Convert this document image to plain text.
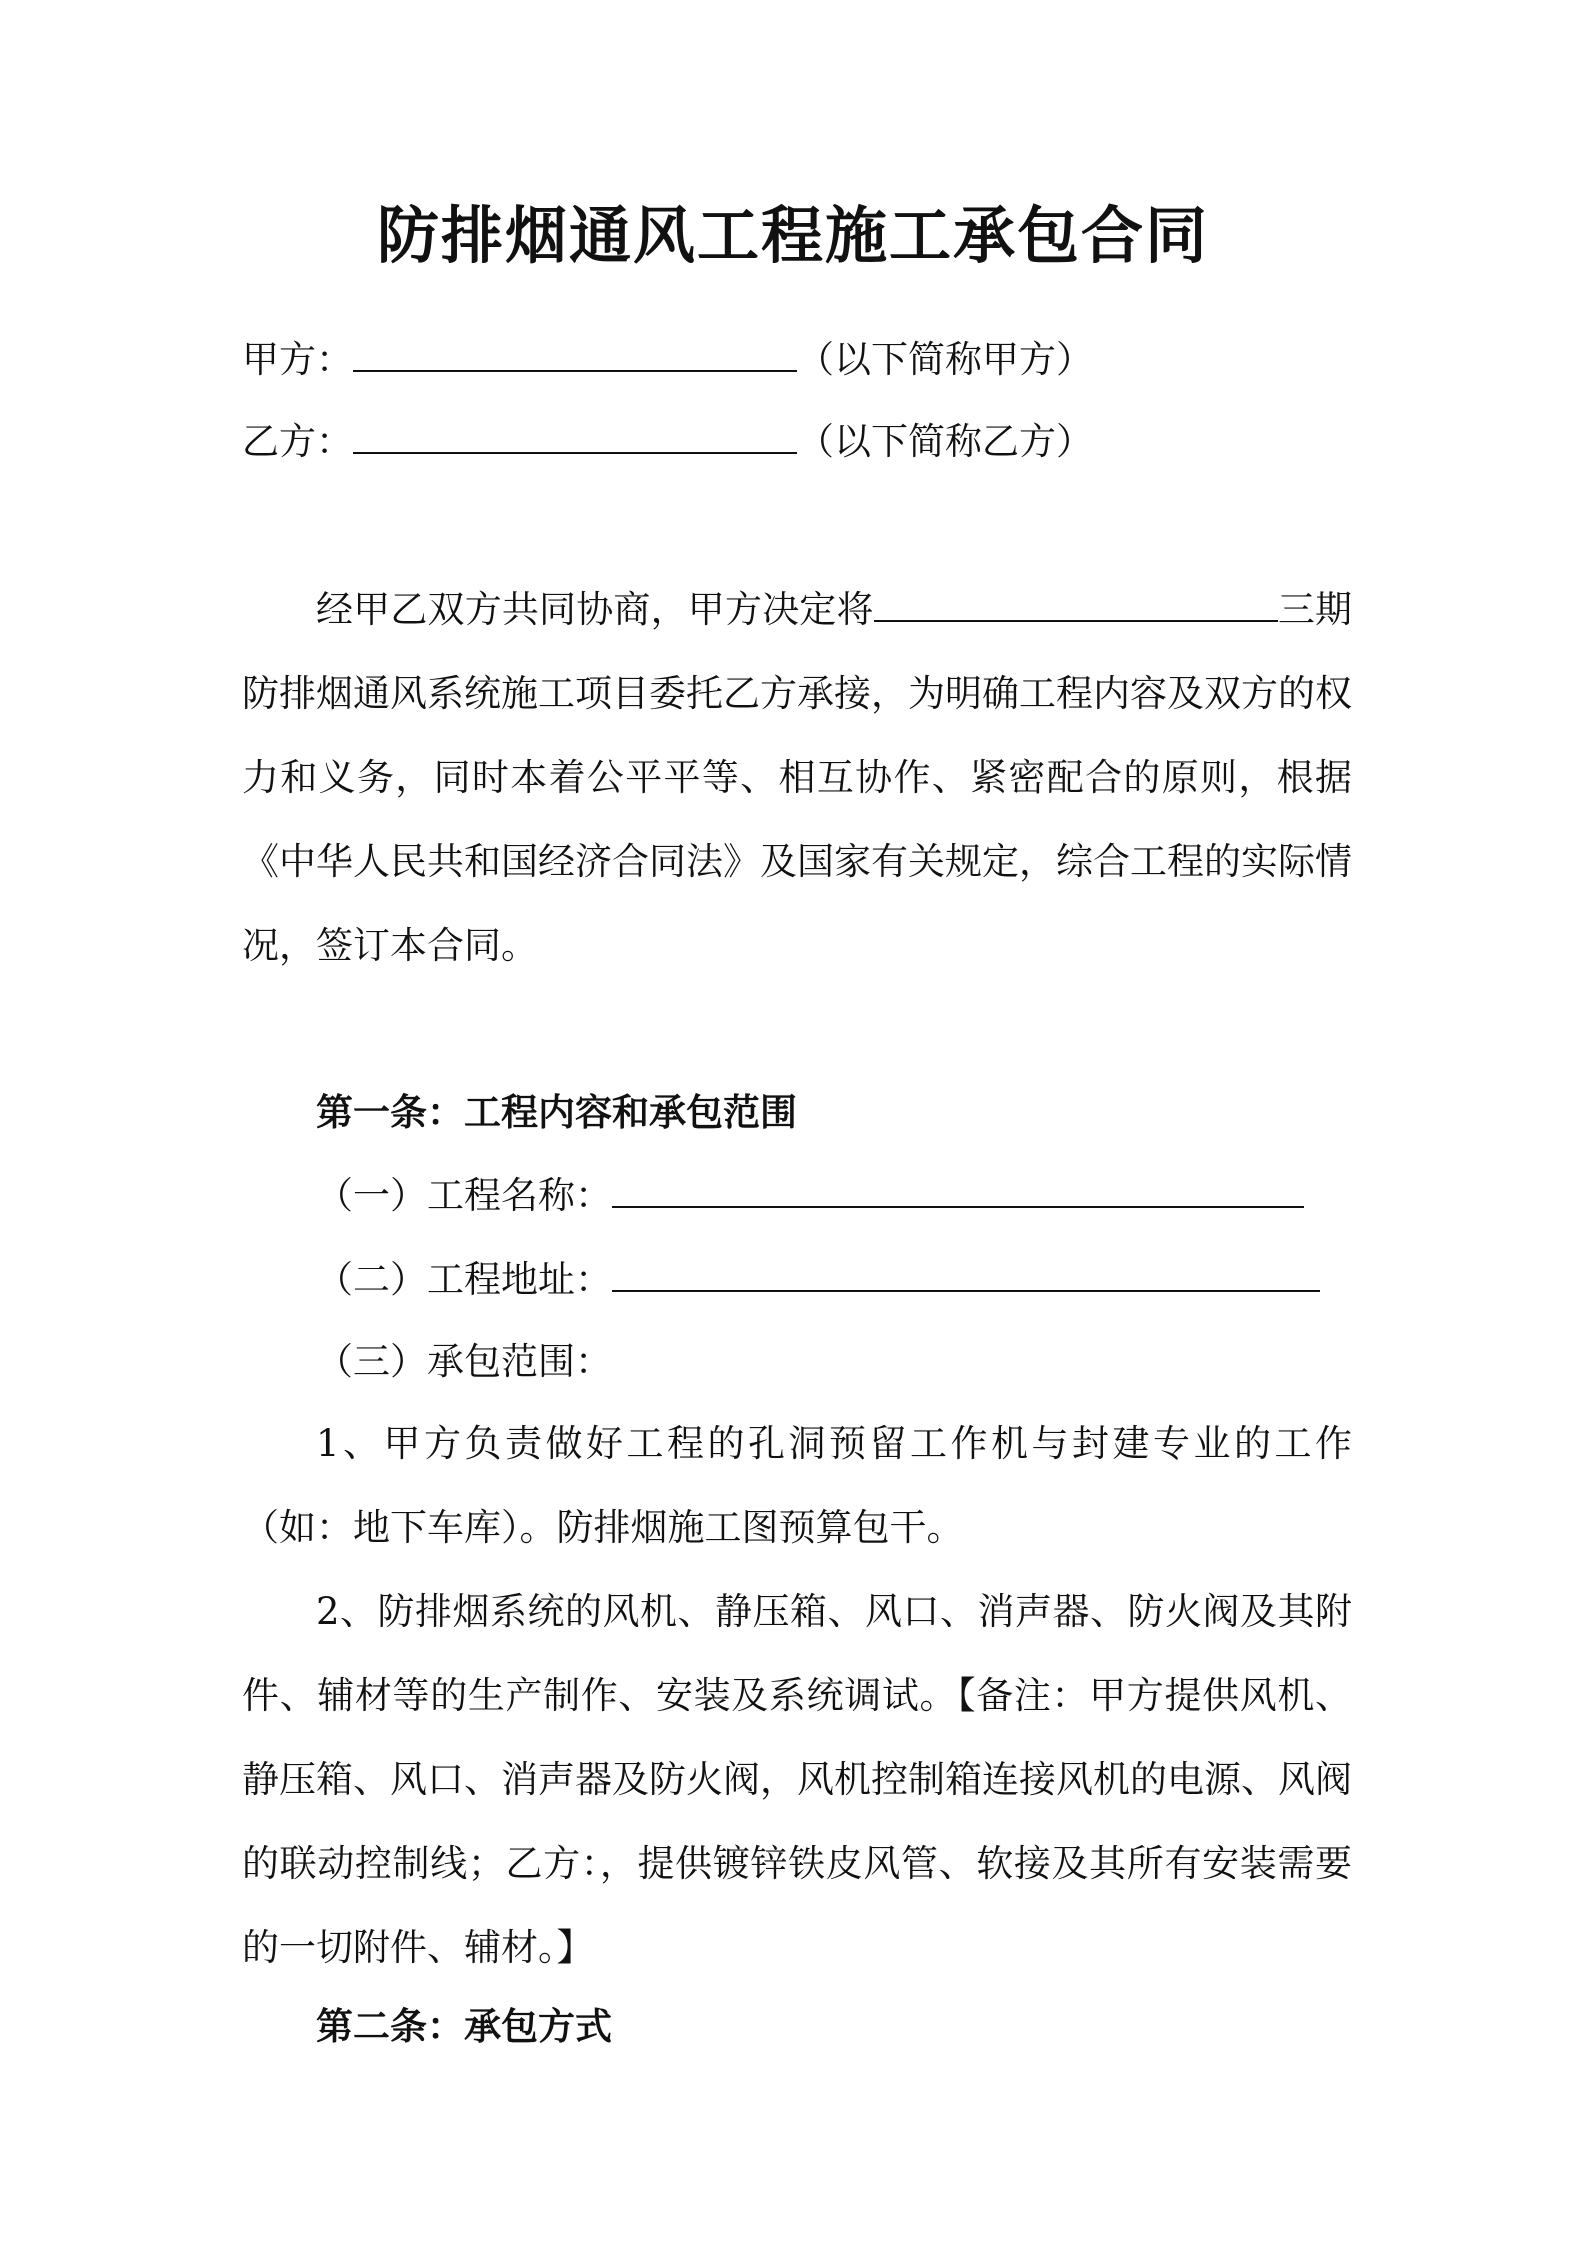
防排烟通风工程施工承包合同
甲方：	（以下简称甲方）
乙方：	（以下简称乙方）
经甲乙双方共同协商，甲方决定将	三期防排烟通风系统施工项目委托乙方承接，为明确工程内容及双方的权力和义务，同时本着公平平等、相互协作、紧密配合的原则，根据《中华人民共和国经济合同法》及国家有关规定，综合工程的实际情况，签订本合同。
第一条：工程内容和承包范围
（一）工程名称：
（二）工程地址：
（三）承包范围：
1、甲方负责做好工程的孔洞预留工作机与封建专业的工作（如：地下车库）。防排烟施工图预算包干。
2、防排烟系统的风机、静压箱、风口、消声器、防火阀及其附件、辅材等的生产制作、安装及系统调试。【备注：甲方提供风机、静压箱、风口、消声器及防火阀，风机控制箱连接风机的电源、风阀的联动控制线；乙方：，提供镀锌铁皮风管、软接及其所有安装需要的一切附件、辅材。】
第二条：承包方式
